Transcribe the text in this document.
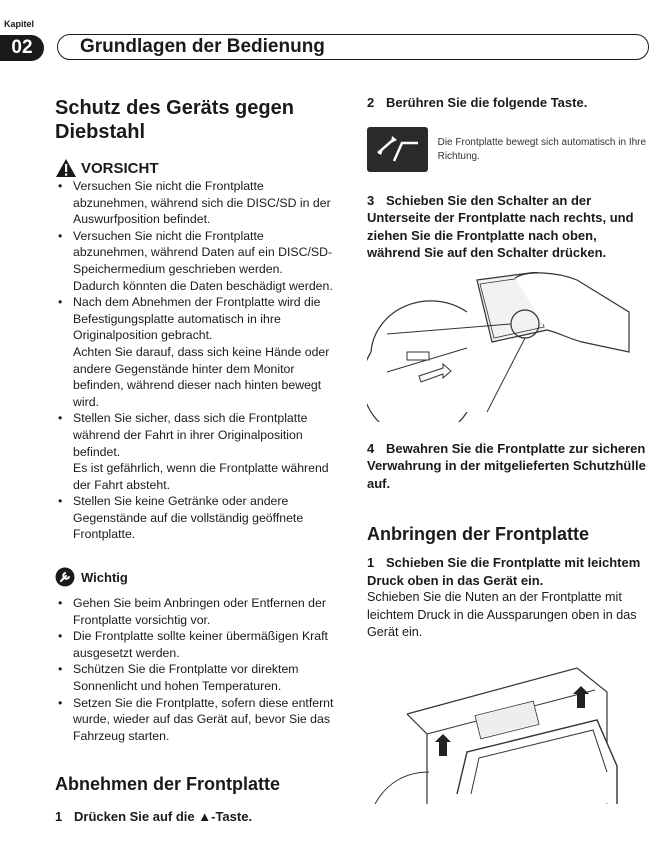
Kapitel
02	Grundlagen der Bedienung
Schutz des Geräts gegen Diebstahl
VORSICHT
• Versuchen Sie nicht die Frontplatte abzunehmen, während sich die DISC/SD in der Auswurfposition befindet.
• Versuchen Sie nicht die Frontplatte abzunehmen, während Daten auf ein DISC/SD-Speichermedium geschrieben werden.
Dadurch könnten die Daten beschädigt werden.
• Nach dem Abnehmen der Frontplatte wird die Befestigungsplatte automatisch in ihre Originalposition gebracht.
Achten Sie darauf, dass sich keine Hände oder andere Gegenstände hinter dem Monitor befinden, während dieser nach hinten bewegt wird.
• Stellen Sie sicher, dass sich die Frontplatte während der Fahrt in ihrer Originalposition befindet.
Es ist gefährlich, wenn die Frontplatte während der Fahrt absteht.
• Stellen Sie keine Getränke oder andere Gegenstände auf die vollständig geöffnete Frontplatte.
Wichtig
• Gehen Sie beim Anbringen oder Entfernen der Frontplatte vorsichtig vor.
• Die Frontplatte sollte keiner übermäßigen Kraft ausgesetzt werden.
• Schützen Sie die Frontplatte vor direktem Sonnenlicht und hohen Temperaturen.
• Setzen Sie die Frontplatte, sofern diese entfernt wurde, wieder auf das Gerät auf, bevor Sie das Fahrzeug starten.
Abnehmen der Frontplatte

1 Drücken Sie auf die ▲-Taste.

2 Berühren Sie die folgende Taste.

Die Frontplatte bewegt sich automatisch in Ihre Richtung.

3 Schieben Sie den Schalter an der Unterseite der Frontplatte nach rechts, und ziehen Sie die Frontplatte nach oben, während Sie auf den Schalter drücken.

4 Bewahren Sie die Frontplatte zur sicheren Verwahrung in der mitgelieferten Schutzhülle auf.

Anbringen der Frontplatte

1 Schieben Sie die Frontplatte mit leichtem Druck oben in das Gerät ein.

Schieben Sie die Nuten an der Frontplatte mit leichtem Druck in die Aussparungen oben in das Gerät ein.
